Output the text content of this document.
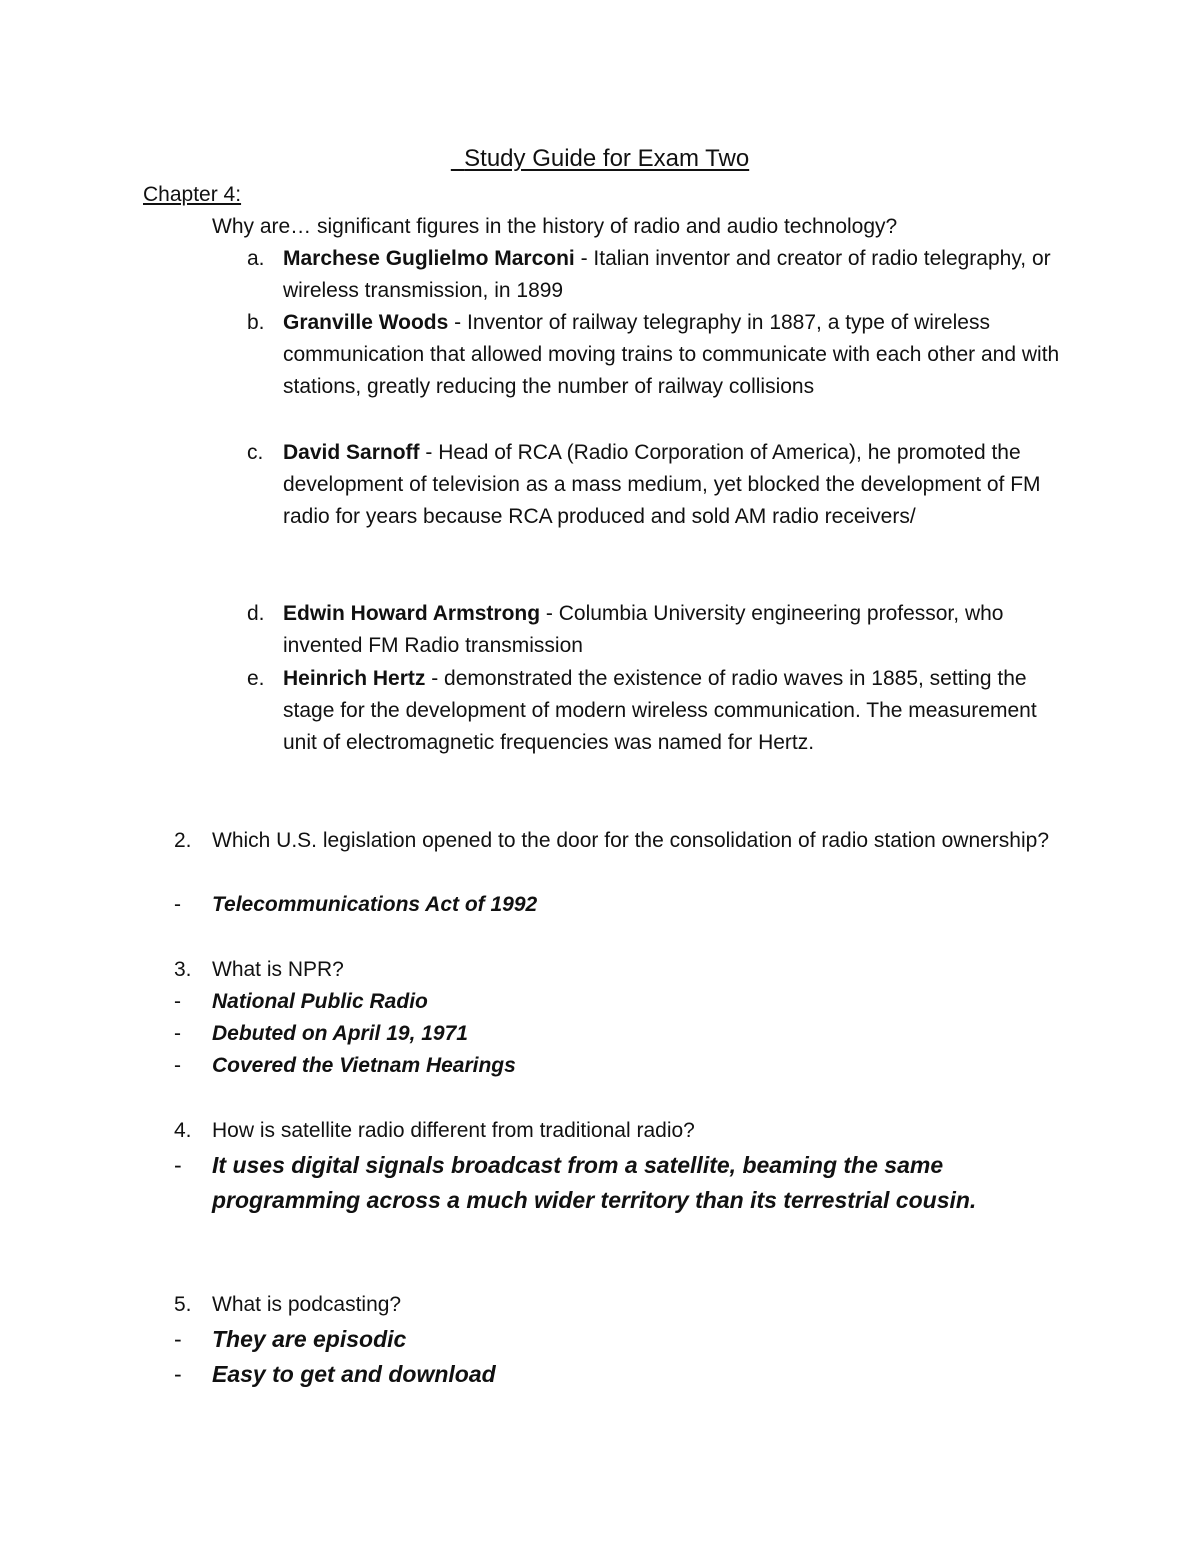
Study Guide for Exam Two
Chapter 4:
Why are… significant figures in the history of radio and audio technology?
a. Marchese Guglielmo Marconi - Italian inventor and creator of radio telegraphy, or wireless transmission, in 1899
b. Granville Woods - Inventor of railway telegraphy in 1887, a type of wireless communication that allowed moving trains to communicate with each other and with stations, greatly reducing the number of railway collisions
c. David Sarnoff - Head of RCA (Radio Corporation of America), he promoted the development of television as a mass medium, yet blocked the development of FM radio for years because RCA produced and sold AM radio receivers/
d. Edwin Howard Armstrong - Columbia University engineering professor, who invented FM Radio transmission
e. Heinrich Hertz - demonstrated the existence of radio waves in 1885, setting the stage for the development of modern wireless communication. The measurement unit of electromagnetic frequencies was named for Hertz.
2. Which U.S. legislation opened to the door for the consolidation of radio station ownership?
- Telecommunications Act of 1992
3. What is NPR?
- National Public Radio
- Debuted on April 19, 1971
- Covered the Vietnam Hearings
4. How is satellite radio different from traditional radio?
- It uses digital signals broadcast from a satellite, beaming the same programming across a much wider territory than its terrestrial cousin.
5. What is podcasting?
- They are episodic
- Easy to get and download
